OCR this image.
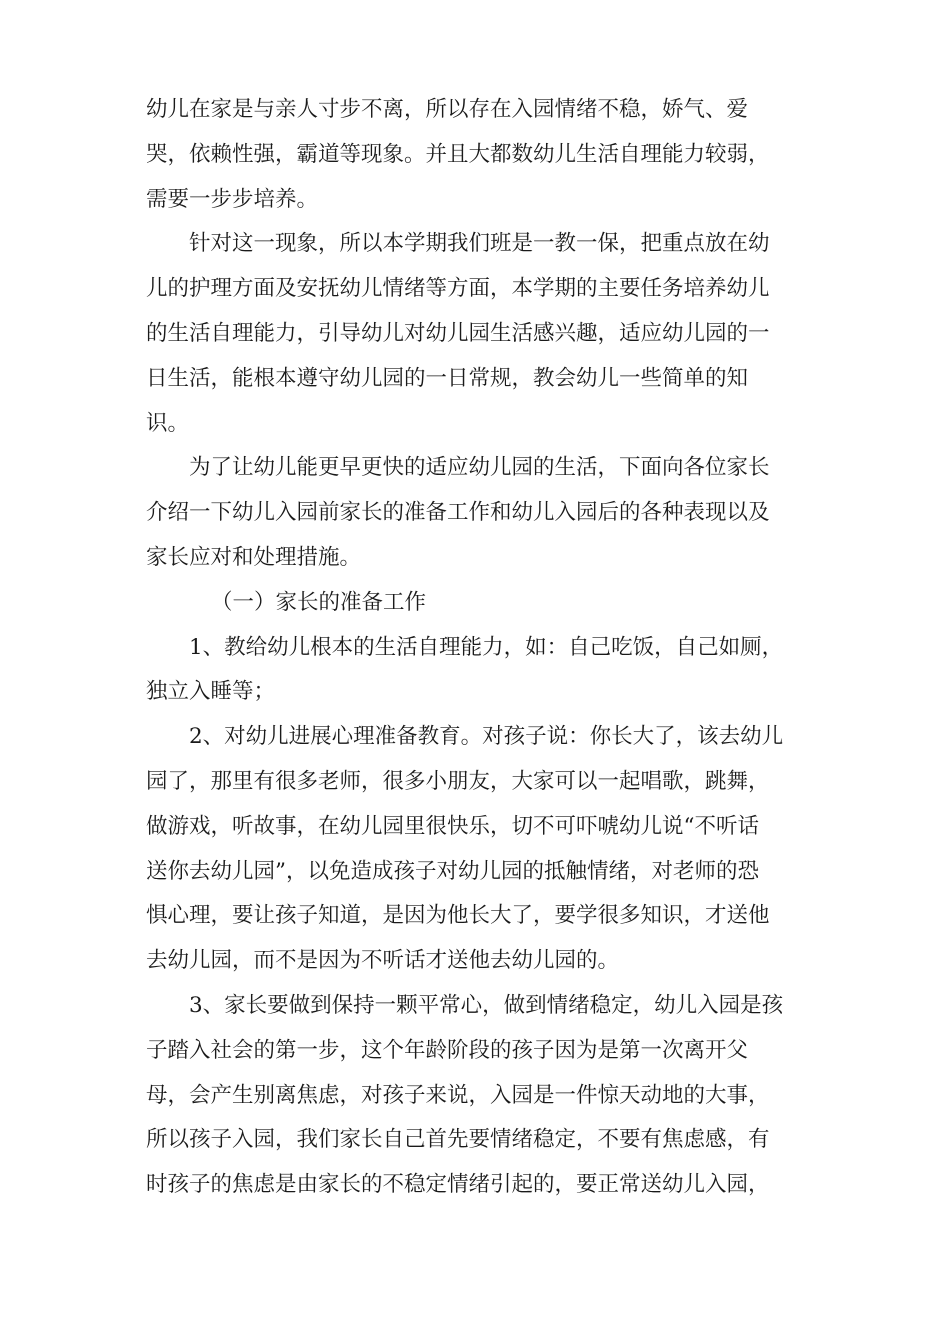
幼儿在家是与亲人寸步不离，所以存在入园情绪不稳，娇气、爱
哭，依赖性强，霸道等现象。并且大都数幼儿生活自理能力较弱，
需要一步步培养。
针对这一现象，所以本学期我们班是一教一保，把重点放在幼
儿的护理方面及安抚幼儿情绪等方面，本学期的主要任务培养幼儿
的生活自理能力，引导幼儿对幼儿园生活感兴趣，适应幼儿园的一
日生活，能根本遵守幼儿园的一日常规，教会幼儿一些简单的知
识。
为了让幼儿能更早更快的适应幼儿园的生活，下面向各位家长
介绍一下幼儿入园前家长的准备工作和幼儿入园后的各种表现以及
家长应对和处理措施。
（一）家长的准备工作
1、教给幼儿根本的生活自理能力，如：自己吃饭，自己如厕，
独立入睡等；
2、对幼儿进展心理准备教育。对孩子说：你长大了，该去幼儿
园了，那里有很多老师，很多小朋友，大家可以一起唱歌，跳舞，
做游戏，听故事，在幼儿园里很快乐，切不可吓唬幼儿说“不听话
送你去幼儿园”，以免造成孩子对幼儿园的抵触情绪，对老师的恐
惧心理，要让孩子知道，是因为他长大了，要学很多知识，才送他
去幼儿园，而不是因为不听话才送他去幼儿园的。
3、家长要做到保持一颗平常心，做到情绪稳定，幼儿入园是孩
子踏入社会的第一步，这个年龄阶段的孩子因为是第一次离开父
母，会产生别离焦虑，对孩子来说，入园是一件惊天动地的大事，
所以孩子入园，我们家长自己首先要情绪稳定，不要有焦虑感，有
时孩子的焦虑是由家长的不稳定情绪引起的，要正常送幼儿入园，
